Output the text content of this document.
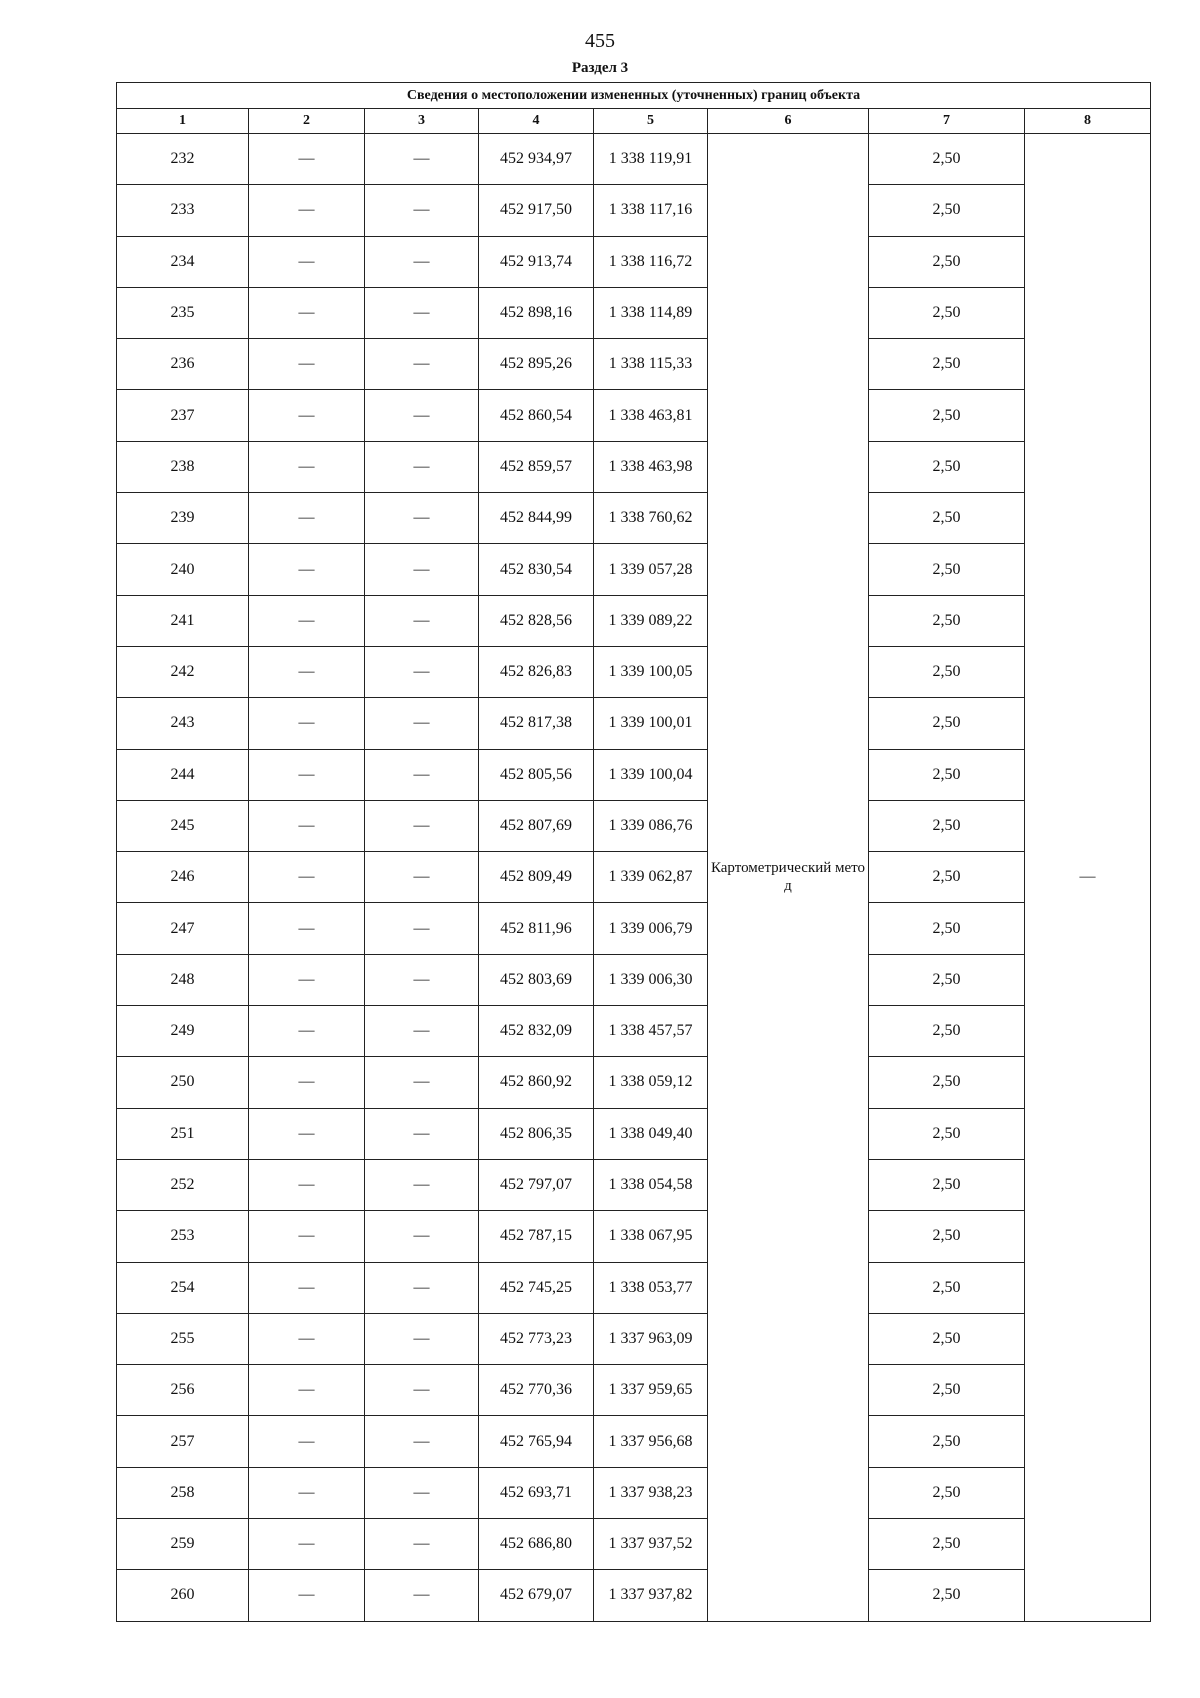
455
Раздел 3
Сведения о местоположении измененных (уточненных) границ объекта							
1	2	3	4	5	6	7	8
232	—	—	452 934,97	1 338 119,91	Картометрический метод	2,50	—
233	—	—	452 917,50	1 338 117,16		2,50	
234	—	—	452 913,74	1 338 116,72		2,50	
235	—	—	452 898,16	1 338 114,89		2,50	
236	—	—	452 895,26	1 338 115,33		2,50	
237	—	—	452 860,54	1 338 463,81		2,50	
238	—	—	452 859,57	1 338 463,98		2,50	
239	—	—	452 844,99	1 338 760,62		2,50	
240	—	—	452 830,54	1 339 057,28		2,50	
241	—	—	452 828,56	1 339 089,22		2,50	
242	—	—	452 826,83	1 339 100,05		2,50	
243	—	—	452 817,38	1 339 100,01		2,50	
244	—	—	452 805,56	1 339 100,04		2,50	
245	—	—	452 807,69	1 339 086,76		2,50	
246	—	—	452 809,49	1 339 062,87		2,50	
247	—	—	452 811,96	1 339 006,79		2,50	
248	—	—	452 803,69	1 339 006,30		2,50	
249	—	—	452 832,09	1 338 457,57		2,50	
250	—	—	452 860,92	1 338 059,12		2,50	
251	—	—	452 806,35	1 338 049,40		2,50	
252	—	—	452 797,07	1 338 054,58		2,50	
253	—	—	452 787,15	1 338 067,95		2,50	
254	—	—	452 745,25	1 338 053,77		2,50	
255	—	—	452 773,23	1 337 963,09		2,50	
256	—	—	452 770,36	1 337 959,65		2,50	
257	—	—	452 765,94	1 337 956,68		2,50	
258	—	—	452 693,71	1 337 938,23		2,50	
259	—	—	452 686,80	1 337 937,52		2,50	
260	—	—	452 679,07	1 337 937,82		2,50	
